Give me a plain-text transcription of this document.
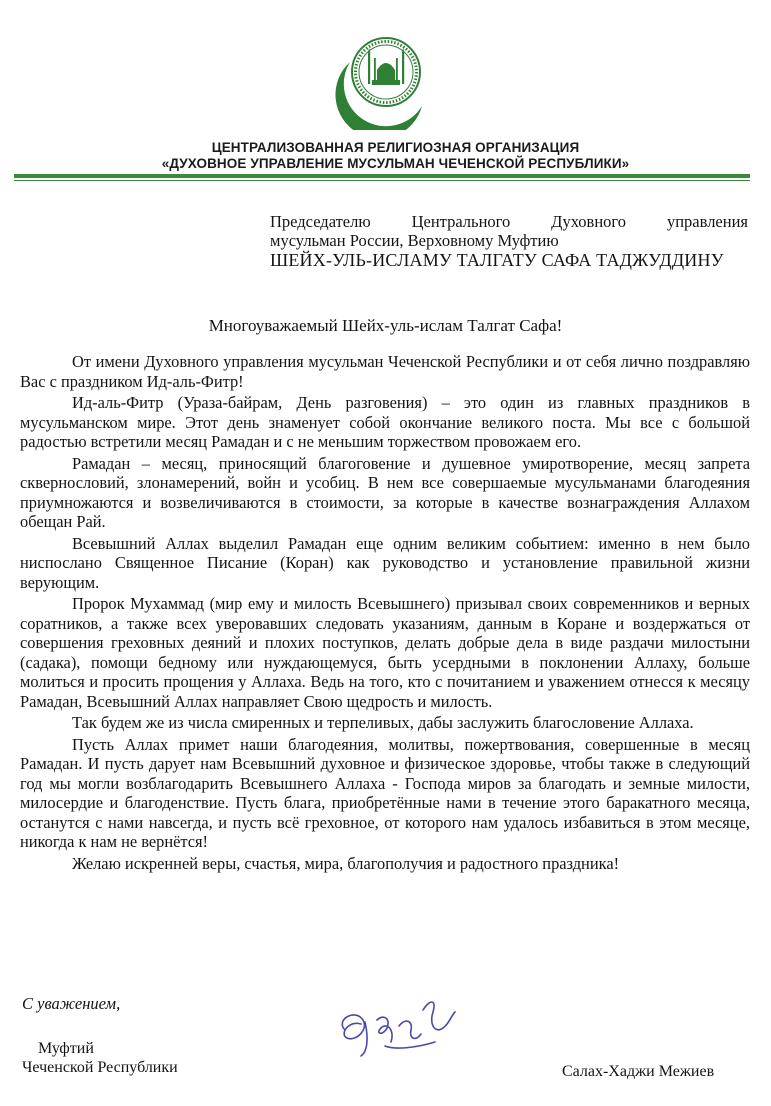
ЦЕНТРАЛИЗОВАННАЯ РЕЛИГИОЗНАЯ ОРГАНИЗАЦИЯ
«ДУХОВНОЕ УПРАВЛЕНИЕ МУСУЛЬМАН ЧЕЧЕНСКОЙ РЕСПУБЛИКИ»
Председателю Центрального Духовного управления
мусульман России, Верховному Муфтию
ШЕЙХ-УЛЬ-ИСЛАМУ ТАЛГАТУ САФА ТАДЖУДДИНУ
Многоуважаемый Шейх-уль-ислам Талгат Сафа!

От имени Духовного управления мусульман Чеченской Республики и от себя лично поздравляю Вас с праздником Ид-аль-Фитр!

Ид-аль-Фитр (Ураза-байрам, День разговения) – это один из главных праздников в мусульманском мире. Этот день знаменует собой окончание великого поста. Мы все с большой радостью встретили месяц Рамадан и с не меньшим торжеством провожаем его.

Рамадан – месяц, приносящий благоговение и душевное умиротворение, месяц запрета сквернословий, злонамерений, войн и усобиц. В нем все совершаемые мусульманами благодеяния приумножаются и возвеличиваются в стоимости, за которые в качестве вознаграждения Аллахом обещан Рай.

Всевышний Аллах выделил Рамадан еще одним великим событием: именно в нем было ниспослано Священное Писание (Коран) как руководство и установление правильной жизни верующим.

Пророк Мухаммад (мир ему и милость Всевышнего) призывал своих современников и верных соратников, а также всех уверовавших следовать указаниям, данным в Коране и воздержаться от совершения греховных деяний и плохих поступков, делать добрые дела в виде раздачи милостыни (садака), помощи бедному или нуждающемуся, быть усердными в поклонении Аллаху, больше молиться и просить прощения у Аллаха. Ведь на того, кто с почитанием и уважением отнесся к месяцу Рамадан, Всевышний Аллах направляет Свою щедрость и милость.

Так будем же из числа смиренных и терпеливых, дабы заслужить благословение Аллаха.

Пусть Аллах примет наши благодеяния, молитвы, пожертвования, совершенные в месяц Рамадан. И пусть дарует нам Всевышний духовное и физическое здоровье, чтобы также в следующий год мы могли возблагодарить Всевышнего Аллаха - Господа миров за благодать и земные милости, милосердие и благоденствие. Пусть блага, приобретённые нами в течение этого баракатного месяца, останутся с нами навсегда, и пусть всё греховное, от которого нам удалось избавиться в этом месяце, никогда к нам не вернётся!

Желаю искренней веры, счастья, мира, благополучия и радостного праздника!

С уважением,
Муфтий
Чеченской Республики	Салах-Хаджи Межиев
